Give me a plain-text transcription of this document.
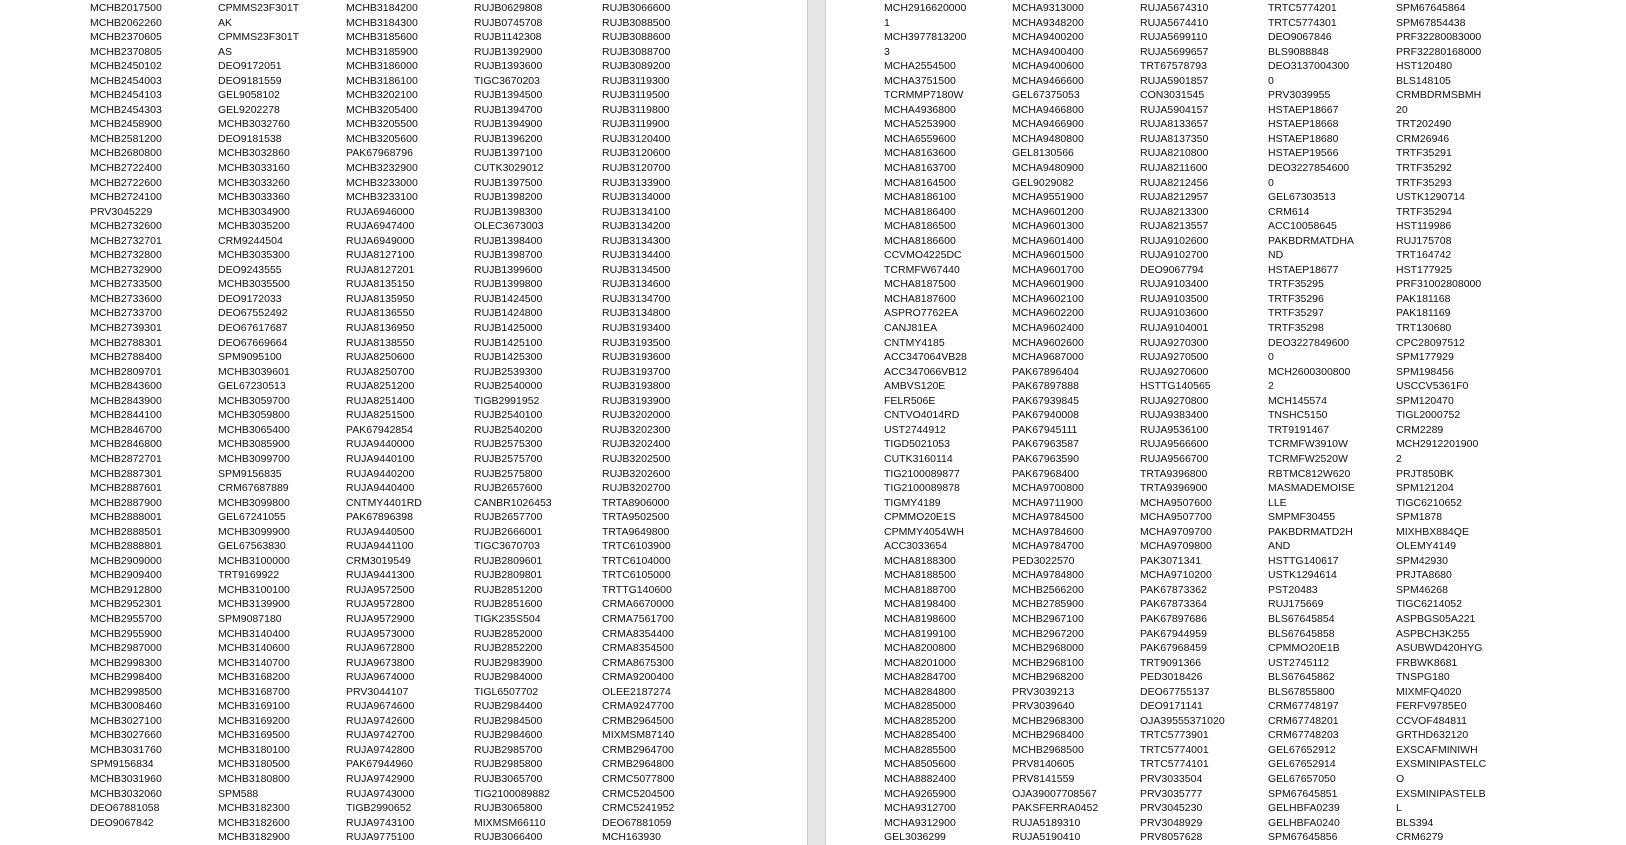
MCHB2017500
MCHB2062260
MCHB2370605
MCHB2370805
MCHB2450102
MCHB2454003
MCHB2454103
MCHB2454303
MCHB2458900
MCHB2581200
MCHB2680800
MCHB2722400
MCHB2722600
MCHB2724100
PRV3045229
MCHB2732600
MCHB2732701
MCHB2732800
MCHB2732900
MCHB2733500
MCHB2733600
MCHB2733700
MCHB2739301
MCHB2788301
MCHB2788400
MCHB2809701
MCHB2843600
MCHB2843900
MCHB2844100
MCHB2846700
MCHB2846800
MCHB2872701
MCHB2887301
MCHB2887601
MCHB2887900
MCHB2888001
MCHB2888501
MCHB2888801
MCHB2909000
MCHB2909400
MCHB2912800
MCHB2952301
MCHB2955700
MCHB2955900
MCHB2987000
MCHB2998300
MCHB2998400
MCHB2998500
MCHB3008460
MCHB3027100
MCHB3027660
MCHB3031760
SPM9156834
MCHB3031960
MCHB3032060
DEO67881058
DEO9067842
CPMMS23F301T
AK
CPMMS23F301T
AS
DEO9172051
DEO9181559
GEL9058102
GEL9202278
MCHB3032760
DEO9181538
MCHB3032860
MCHB3033160
MCHB3033260
MCHB3033360
MCHB3034900
MCHB3035200
CRM9244504
MCHB3035300
DEO9243555
MCHB3035500
DEO9172033
DEO67552492
DEO67617687
DEO67669664
SPM9095100
MCHB3039601
GEL67230513
MCHB3059700
MCHB3059800
MCHB3065400
MCHB3085900
MCHB3099700
SPM9156835
CRM67687889
MCHB3099800
GEL67241055
MCHB3099900
GEL67563830
MCHB3100000
TRT9169922
MCHB3100100
MCHB3139900
SPM9087180
MCHB3140400
MCHB3140600
MCHB3140700
MCHB3168200
MCHB3168700
MCHB3169100
MCHB3169200
MCHB3169500
MCHB3180100
MCHB3180500
MCHB3180800
SPM588
MCHB3182300
MCHB3182600
MCHB3182900
MCHB3184200
MCHB3184300
MCHB3185600
MCHB3185900
MCHB3186000
MCHB3186100
MCHB3202100
MCHB3205400
MCHB3205500
MCHB3205600
PAK67968796
MCHB3232900
MCHB3233000
MCHB3233100
RUJA6946000
RUJA6947400
RUJA6949000
RUJA8127100
RUJA8127201
RUJA8135150
RUJA8135950
RUJA8136550
RUJA8136950
RUJA8138550
RUJA8250600
RUJA8250700
RUJA8251200
RUJA8251400
RUJA8251500
PAK67942854
RUJA9440000
RUJA9440100
RUJA9440200
RUJA9440400
CNTMY4401RD
PAK67896398
RUJA9440500
RUJA9441100
CRM3019549
RUJA9441300
RUJA9572500
RUJA9572800
RUJA9572900
RUJA9573000
RUJA9672800
RUJA9673800
RUJA9674000
PRV3044107
RUJA9674600
RUJA9742600
RUJA9742700
RUJA9742800
PAK67944960
RUJA9742900
RUJA9743000
TIGB2990652
RUJA9743100
RUJA9775100
RUJB0629808
RUJB0745708
RUJB1142308
RUJB1392900
RUJB1393600
TIGC3670203
RUJB1394500
RUJB1394700
RUJB1394900
RUJB1396200
RUJB1397100
CUTK3029012
RUJB1397500
RUJB1398200
RUJB1398300
OLEC3673003
RUJB1398400
RUJB1398700
RUJB1399600
RUJB1399800
RUJB1424500
RUJB1424800
RUJB1425000
RUJB1425100
RUJB1425300
RUJB2539300
RUJB2540000
TIGB2991952
RUJB2540100
RUJB2540200
RUJB2575300
RUJB2575700
RUJB2575800
RUJB2657600
CANBR1026453
RUJB2657700
RUJB2666001
TIGC3670703
RUJB2809601
RUJB2809801
RUJB2851200
RUJB2851600
TIGK235S504
RUJB2852000
RUJB2852200
RUJB2983900
RUJB2984000
TIGL6507702
RUJB2984400
RUJB2984500
RUJB2984600
RUJB2985700
RUJB2985800
RUJB3065700
TIG2100089882
RUJB3065800
MIXMSM66110
RUJB3066400
RUJB3066600
RUJB3088500
RUJB3088600
RUJB3088700
RUJB3089200
RUJB3119300
RUJB3119500
RUJB3119800
RUJB3119900
RUJB3120400
RUJB3120600
RUJB3120700
RUJB3133900
RUJB3134000
RUJB3134100
RUJB3134200
RUJB3134300
RUJB3134400
RUJB3134500
RUJB3134600
RUJB3134700
RUJB3134800
RUJB3193400
RUJB3193500
RUJB3193600
RUJB3193700
RUJB3193800
RUJB3193900
RUJB3202000
RUJB3202300
RUJB3202400
RUJB3202500
RUJB3202600
RUJB3202700
TRTA8906000
TRTA9502500
TRTA9649800
TRTC6103900
TRTC6104000
TRTC6105000
TRTTG140600
CRMA6670000
CRMA7561700
CRMA8354400
CRMA8354500
CRMA8675300
CRMA9200400
OLEE2187274
CRMA9247700
CRMB2964500
MIXMSM87140
CRMB2964700
CRMB2964800
CRMC5077800
CRMC5204500
CRMC5241952
DEO67881059
MCH163930
MCH2916620000
1
MCH3977813200
3
MCHA2554500
MCHA3751500
TCRMMP7180W
MCHA4936800
MCHA5253900
MCHA6559600
MCHA8163600
MCHA8163700
MCHA8164500
MCHA8186100
MCHA8186400
MCHA8186500
MCHA8186600
CCVMO4225DC
TCRMFW67440
MCHA8187500
MCHA8187600
ASPRO7762EA
CANJ81EA
CNTMY4185
ACC347064VB28
ACC347066VB12
AMBVS120E
FELR506E
CNTVO4014RD
UST2744912
TIGD5021053
CUTK3160114
TIG2100089877
TIG2100089878
TIGMY4189
CPMMO20E1S
CPMMY4054WH
ACC3033654
MCHA8188300
MCHA8188500
MCHA8188700
MCHA8198400
MCHA8198600
MCHA8199100
MCHA8200800
MCHA8201000
MCHA8284700
MCHA8284800
MCHA8285000
MCHA8285200
MCHA8285400
MCHA8285500
MCHA8505600
MCHA8882400
MCHA9265900
MCHA9312700
MCHA9312900
GEL3036299
MCHA9313000
MCHA9348200
MCHA9400200
MCHA9400400
MCHA9400600
MCHA9466600
GEL67375053
MCHA9466800
MCHA9466900
MCHA9480800
GEL8130566
MCHA9480900
GEL9029082
MCHA9551900
MCHA9601200
MCHA9601300
MCHA9601400
MCHA9601500
MCHA9601700
MCHA9601900
MCHA9602100
MCHA9602200
MCHA9602400
MCHA9602600
MCHA9687000
PAK67896404
PAK67897888
PAK67939845
PAK67940008
PAK67945111
PAK67963587
PAK67963590
PAK67968400
MCHA9700800
MCHA9711900
MCHA9784500
MCHA9784600
MCHA9784700
PED3022570
MCHA9784800
MCHB2566200
MCHB2785900
MCHB2967100
MCHB2967200
MCHB2968000
MCHB2968100
MCHB2968200
PRV3039213
PRV3039640
MCHB2968300
MCHB2968400
MCHB2968500
PRV8140605
PRV8141559
OJA39007708567
PAKSFERRA0452
RUJA5189310
RUJA5190410
RUJA5674310
RUJA5674410
RUJA5699110
RUJA5699657
TRT67578793
RUJA5901857
CON3031545
RUJA5904157
RUJA8133657
RUJA8137350
RUJA8210800
RUJA8211600
RUJA8212456
RUJA8212957
RUJA8213300
RUJA8213557
RUJA9102600
RUJA9102700
DEO9067794
RUJA9103400
RUJA9103500
RUJA9103600
RUJA9104001
RUJA9270300
RUJA9270500
RUJA9270600
HSTTG140565
RUJA9270800
RUJA9383400
RUJA9536100
RUJA9566600
RUJA9566700
TRTA9396800
TRTA9396900
MCHA9507600
MCHA9507700
MCHA9709700
MCHA9709800
PAK3071341
MCHA9710200
PAK67873362
PAK67873364
PAK67897686
PAK67944959
PAK67968459
TRT9091366
PED3018426
DEO67755137
DEO9171141
OJA39555371020
TRTC5773901
TRTC5774001
TRTC5774101
PRV3033504
PRV3035777
PRV3045230
PRV3048929
PRV8057628
TRTC5774201
TRTC5774301
DEO9067846
BLS9088848
DEO3137004300
0
PRV3039955
HSTAEP18667
HSTAEP18668
HSTAEP18680
HSTAEP19566
DEO3227854600
0
GEL67303513
CRM614
ACC10058645
PAKBDRMATDHA
ND
HSTAEP18677
TRTF35295
TRTF35296
TRTF35297
TRTF35298
DEO3227849600
0
MCH2600300800
2
MCH145574
TNSHC5150
TRT9191467
TCRMFW3910W
TCRMFW2520W
RBTMC812W620
MASMADEMOISE
LLE
SMPMF30455
PAKBDRMATD2H
AND
HSTTG140617
USTK1294614
PST20483
RUJ175669
BLS67645854
BLS67645858
CPMMO20E1B
UST2745112
BLS67645862
BLS67855800
CRM67748197
CRM67748201
CRM67748203
GEL67652912
GEL67652914
GEL67657050
SPM67645851
GELHBFA0239
GELHBFA0240
SPM67645856
SPM67645864
SPM67854438
PRF32280083000
PRF32280168000
HST120480
BLS148105
CRMBDRMSBMH
20
TRT202490
CRM26946
TRTF35291
TRTF35292
TRTF35293
USTK1290714
TRTF35294
HST119986
RUJ175708
TRT164742
HST177925
PRF31002808000
PAK181168
PAK181169
TRT130680
CPC28097512
SPM177929
SPM198456
USCCV5361F0
SPM120470
TIGL2000752
CRM2289
MCH2912201900
2
PRJT850BK
SPM121204
TIGC6210652
SPM1878
MIXHBX884QE
OLEMY4149
SPM42930
PRJTA8680
SPM46268
TIGC6214052
ASPBGS05A221
ASPBCH3K255
ASUBWD420HYG
FRBWK8681
TNSPG180
MIXMFQ4020
FERFV9785E0
CCVOF484811
GRTHD632120
EXSCAFMINIWH
EXSMINIPASTELC
O
EXSMINIPASTELB
L
BLS394
CRM6279
